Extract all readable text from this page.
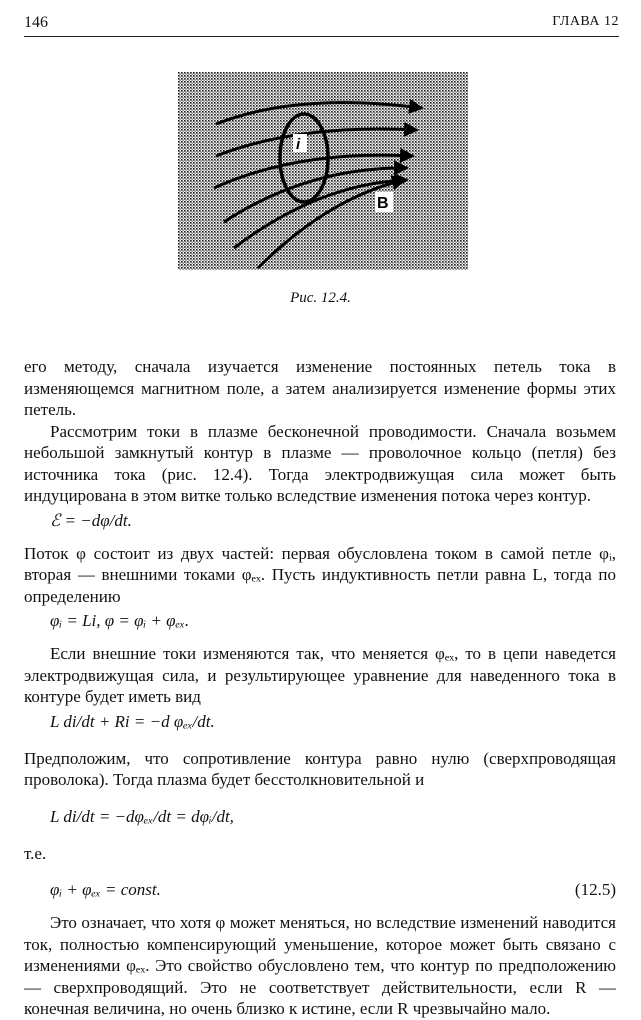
146	ГЛАВА 12
i
B
Рис. 12.4.

его методу, сначала изучается изменение постоянных петель тока в изменяющемся магнитном поле, а затем анализируется изменение формы этих петель.

Рассмотрим токи в плазме бесконечной проводимости. Сначала возьмем небольшой замкнутый контур в плазме — проволочное кольцо (петля) без источника тока (рис. 12.4). Тогда электродвижущая сила может быть индуцирована в этом витке только вследствие изменения потока через контур.

ℰ = −dφ/dt.

Поток φ состоит из двух частей: первая обусловлена током в самой петле φᵢ, вторая — внешними токами φₑₓ. Пусть индуктивность петли равна L, тогда по определению

φᵢ = Li, φ = φᵢ + φₑₓ.

Если внешние токи изменяются так, что меняется φₑₓ, то в цепи наведется электродвижущая сила, и результирующее уравнение для наведенного тока в контуре будет иметь вид

L di/dt + Ri = −d φₑₓ/dt.

Предположим, что сопротивление контура равно нулю (сверхпроводящая проволока). Тогда плазма будет бесстолкновительной и

L di/dt = −dφₑₓ/dt = dφᵢ/dt,

т.е.

φᵢ + φₑₓ = const.	(12.5)

Это означает, что хотя φ может меняться, но вследствие изменений наводится ток, полностью компенсирующий уменьшение, которое может быть связано с изменениями φₑₓ. Это свойство обусловлено тем, что контур по предположению — сверхпроводящий. Это не соответствует действительности, если R — конечная величина, но очень близко к истине, если R чрезвычайно мало.
